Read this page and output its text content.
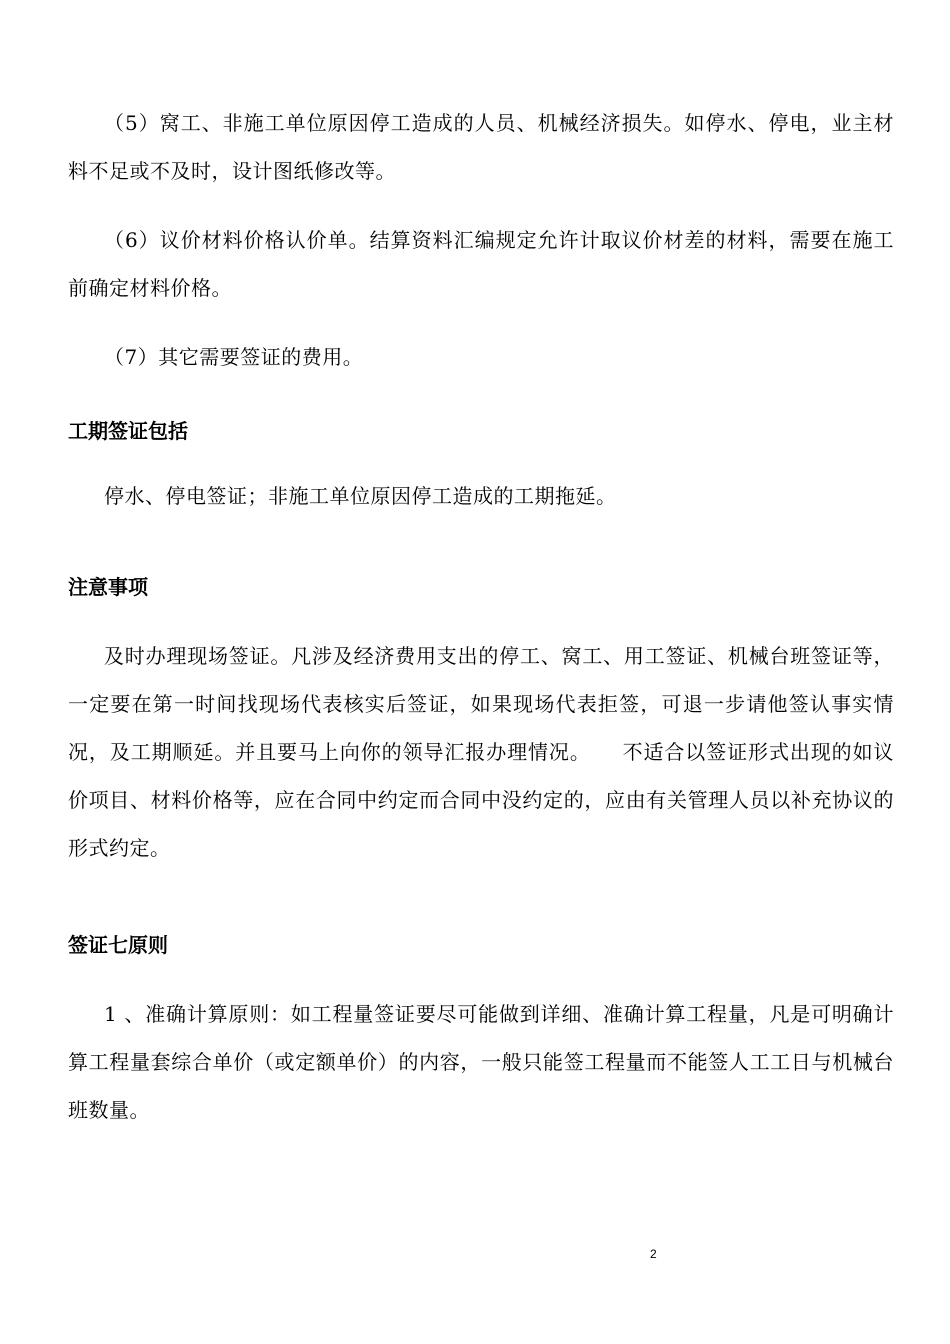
（5）窝工、非施工单位原因停工造成的人员、机械经济损失。如停水、停电，业主材料不足或不及时，设计图纸修改等。

（6）议价材料价格认价单。结算资料汇编规定允许计取议价材差的材料，需要在施工前确定材料价格。

（7）其它需要签证的费用。

工期签证包括

停水、停电签证；非施工单位原因停工造成的工期拖延。

注意事项

及时办理现场签证。凡涉及经济费用支出的停工、窝工、用工签证、机械台班签证等，一定要在第一时间找现场代表核实后签证，如果现场代表拒签，可退一步请他签认事实情况，及工期顺延。并且要马上向你的领导汇报办理情况。　　不适合以签证形式出现的如议价项目、材料价格等，应在合同中约定而合同中没约定的，应由有关管理人员以补充协议的形式约定。

签证七原则

1 、准确计算原则：如工程量签证要尽可能做到详细、准确计算工程量，凡是可明确计算工程量套综合单价（或定额单价）的内容，一般只能签工程量而不能签人工工日与机械台班数量。

2
